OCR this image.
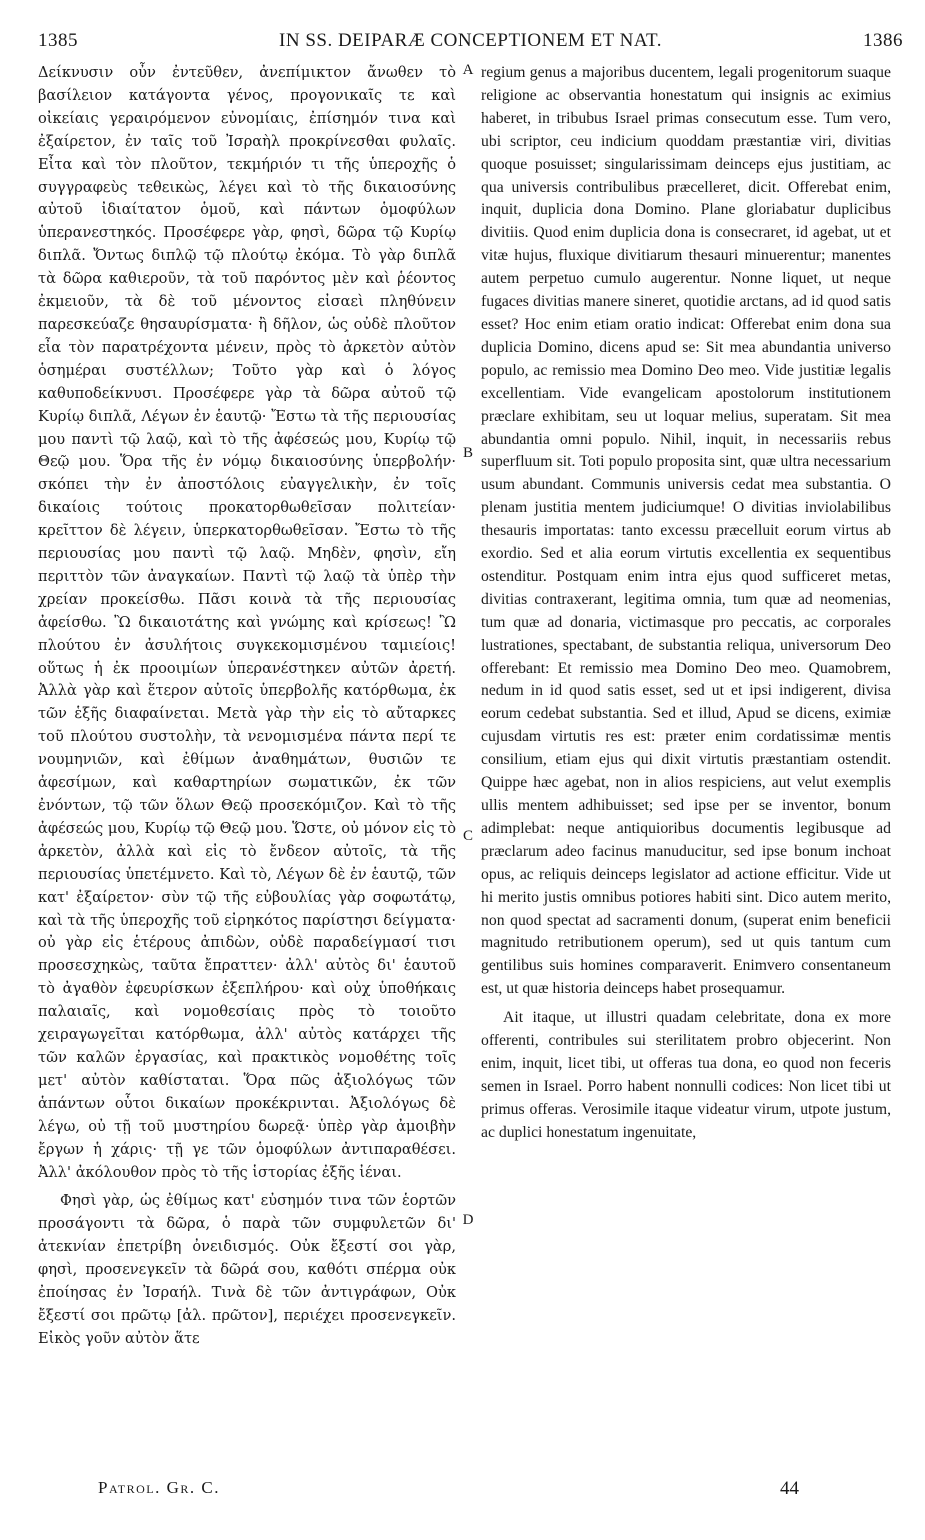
1385	IN SS. DEIPARÆ CONCEPTIONEM ET NAT.	1386

Δείκνυσιν οὖν ἐντεῦθεν, ἀνεπίμικτον ἄνωθεν τὸ βασίλειον κατάγοντα γένος, προγονικαῖς τε καὶ οἰκείαις γεραιρόμενον εὐνομίαις, ἐπίσημόν τινα καὶ ἐξαίρετον, ἐν ταῖς τοῦ Ἰσραὴλ προκρίνεσθαι φυλαῖς. Εἶτα καὶ τὸν πλοῦτον, τεκμήριόν τι τῆς ὑπεροχῆς ὁ συγγραφεὺς τεθεικὼς, λέγει καὶ τὸ τῆς δικαιοσύνης αὐτοῦ ἰδιαίτατον ὁμοῦ, καὶ πάντων ὁμοφύλων ὑπερανεστηκός. Προσέφερε γὰρ, φησὶ, δῶρα τῷ Κυρίῳ διπλᾶ. Ὄντως διπλῷ τῷ πλούτῳ ἐκόμα. Τὸ γὰρ διπλᾶ τὰ δῶρα καθιεροῦν, τὰ τοῦ παρόντος μὲν καὶ ῥέοντος ἐκμειοῦν, τὰ δὲ τοῦ μένοντος εἰσαεὶ πληθύνειν παρεσκεύαζε θησαυρίσματα· ἢ δῆλον, ὡς οὐδὲ πλοῦτον εἶα τὸν παρατρέχοντα μένειν, πρὸς τὸ ἀρκετὸν αὐτὸν ὁσημέραι συστέλλων; Τοῦτο γὰρ καὶ ὁ λόγος καθυποδείκνυσι. Προσέφερε γὰρ τὰ δῶρα αὐτοῦ τῷ Κυρίῳ διπλᾶ, Λέγων ἐν ἑαυτῷ· Ἔστω τὰ τῆς περιουσίας μου παντὶ τῷ λαῷ, καὶ τὸ τῆς ἀφέσεώς μου, Κυρίῳ τῷ Θεῷ μου. Ὅρα τῆς ἐν νόμῳ δικαιοσύνης ὑπερβολήν· σκόπει τὴν ἐν ἀποστόλοις εὐαγγελικὴν, ἐν τοῖς δικαίοις τούτοις προκατορθωθεῖσαν πολιτείαν· κρεῖττον δὲ λέγειν, ὑπερκατορθωθεῖσαν. Ἔστω τὸ τῆς περιουσίας μου παντὶ τῷ λαῷ. Μηδὲν, φησὶν, εἴη περιττὸν τῶν ἀναγκαίων. Παντὶ τῷ λαῷ τὰ ὑπὲρ τὴν χρείαν προκείσθω. Πᾶσι κοινὰ τὰ τῆς περιουσίας ἀφείσθω. Ὢ δικαιοτάτης καὶ γνώμης καὶ κρίσεως! Ὢ πλούτου ἐν ἀσυλήτοις συγκεκομισμένου ταμιείοις! οὕτως ἡ ἐκ προοιμίων ὑπερανέστηκεν αὐτῶν ἀρετή. Ἀλλὰ γὰρ καὶ ἕτερον αὐτοῖς ὑπερβολῆς κατόρθωμα, ἐκ τῶν ἑξῆς διαφαίνεται. Μετὰ γὰρ τὴν εἰς τὸ αὔταρκες τοῦ πλούτου συστολὴν, τὰ νενομισμένα πάντα περί τε νουμηνιῶν, καὶ ἐθίμων ἀναθημάτων, θυσιῶν τε ἀφεσίμων, καὶ καθαρτηρίων σωματικῶν, ἐκ τῶν ἐνόντων, τῷ τῶν ὅλων Θεῷ προσεκόμιζον. Καὶ τὸ τῆς ἀφέσεώς μου, Κυρίῳ τῷ Θεῷ μου. Ὥστε, οὐ μόνον εἰς τὸ ἀρκετὸν, ἀλλὰ καὶ εἰς τὸ ἔνδεον αὐτοῖς, τὰ τῆς περιουσίας ὑπετέμνετο. Καὶ τὸ, Λέγων δὲ ἐν ἑαυτῷ, τῶν κατ' ἐξαίρετον· σὺν τῷ τῆς εὐβουλίας γὰρ σοφωτάτῳ, καὶ τὰ τῆς ὑπεροχῆς τοῦ εἰρηκότος παρίστησι δείγματα· οὐ γὰρ εἰς ἑτέρους ἀπιδὼν, οὐδὲ παραδείγμασί τισι προσεσχηκὼς, ταῦτα ἔπραττεν· ἀλλ' αὐτὸς δι' ἑαυτοῦ τὸ ἀγαθὸν ἐφευρίσκων ἐξεπλήρου· καὶ οὐχ ὑποθήκαις παλαιαῖς, καὶ νομοθεσίαις πρὸς τὸ τοιοῦτο χειραγωγεῖται κατόρθωμα, ἀλλ' αὐτὸς κατάρχει τῆς τῶν καλῶν ἐργασίας, καὶ πρακτικὸς νομοθέτης τοῖς μετ' αὐτὸν καθίσταται. Ὅρα πῶς ἀξιολόγως τῶν ἁπάντων οὗτοι δικαίων προκέκρινται. Ἀξιολόγως δὲ λέγω, οὐ τῇ τοῦ μυστηρίου δωρεᾷ· ὑπὲρ γὰρ ἀμοιβὴν ἔργων ἡ χάρις· τῇ γε τῶν ὁμοφύλων ἀντιπαραθέσει. Ἀλλ' ἀκόλουθον πρὸς τὸ τῆς ἱστορίας ἐξῆς ἰέναι.

Φησὶ γὰρ, ὡς ἐθίμως κατ' εὐσημόν τινα τῶν ἑορτῶν προσάγοντι τὰ δῶρα, ὁ παρὰ τῶν συμφυλετῶν δι' ἀτεκνίαν ἐπετρίβη ὀνειδισμός. Οὐκ ἔξεστί σοι γὰρ, φησὶ, προσενεγκεῖν τὰ δῶρά σου, καθότι σπέρμα οὐκ ἐποίησας ἐν Ἰσραήλ. Τινὰ δὲ τῶν ἀντιγράφων, Οὐκ ἔξεστί σοι πρῶτῳ [ἀλ. πρῶτον], περιέχει προσενεγκεῖν. Εἰκὸς γοῦν αὐτὸν ἅτε

A
B
C
D

regium genus a majoribus ducentem, legali progenitorum suaque religione ac observantia honestatum qui insignis ac eximius haberet, in tribubus Israel primas consecutum esse. Tum vero, ubi scriptor, ceu indicium quoddam præstantiæ viri, divitias quoque posuisset; singularissimam deinceps ejus justitiam, ac qua universis contribulibus præcelleret, dicit. Offerebat enim, inquit, duplicia dona Domino. Plane gloriabatur duplicibus divitiis. Quod enim duplicia dona is consecraret, id agebat, ut et vitæ hujus, fluxique divitiarum thesauri minuerentur; manentes autem perpetuo cumulo augerentur. Nonne liquet, ut neque fugaces divitias manere sineret, quotidie arctans, ad id quod satis esset? Hoc enim etiam oratio indicat: Offerebat enim dona sua duplicia Domino, dicens apud se: Sit mea abundantia universo populo, ac remissio mea Domino Deo meo. Vide justitiæ legalis excellentiam. Vide evangelicam apostolorum institutionem præclare exhibitam, seu ut loquar melius, superatam. Sit mea abundantia omni populo. Nihil, inquit, in necessariis rebus superfluum sit. Toti populo proposita sint, quæ ultra necessarium usum abundant. Communis universis cedat mea substantia. O plenam justitia mentem judiciumque! O divitias inviolabilibus thesauris importatas: tanto excessu præcelluit eorum virtus ab exordio. Sed et alia eorum virtutis excellentia ex sequentibus ostenditur. Postquam enim intra ejus quod sufficeret metas, divitias contraxerant, legitima omnia, tum quæ ad neomenias, tum quæ ad donaria, victimasque pro peccatis, ac corporales lustrationes, spectabant, de substantia reliqua, universorum Deo offerebant: Et remissio mea Domino Deo meo. Quamobrem, nedum in id quod satis esset, sed ut et ipsi indigerent, divisa eorum cedebat substantia. Sed et illud, Apud se dicens, eximiæ cujusdam virtutis res est: præter enim cordatissimæ mentis consilium, etiam ejus qui dixit virtutis præstantiam ostendit. Quippe hæc agebat, non in alios respiciens, aut velut exemplis ullis mentem adhibuisset; sed ipse per se inventor, bonum adimplebat: neque antiquioribus documentis legibusque ad præclarum adeo facinus manuducitur, sed ipse bonum inchoat opus, ac reliquis deinceps legislator ad actione efficitur. Vide ut hi merito justis omnibus potiores habiti sint. Dico autem merito, non quod spectat ad sacramenti donum, (superat enim beneficii magnitudo retributionem operum), sed ut quis tantum cum gentilibus suis homines comparaverit. Enimvero consentaneum est, ut quæ historia deinceps habet prosequamur.

Ait itaque, ut illustri quadam celebritate, dona ex more offerenti, contribules sui sterilitatem probro objecerint. Non enim, inquit, licet tibi, ut offeras tua dona, eo quod non feceris semen in Israel. Porro habent nonnulli codices: Non licet tibi ut primus offeras. Verosimile itaque videatur virum, utpote justum, ac duplici honestatum ingenuitate,

Patrol. Gr. C.	44
